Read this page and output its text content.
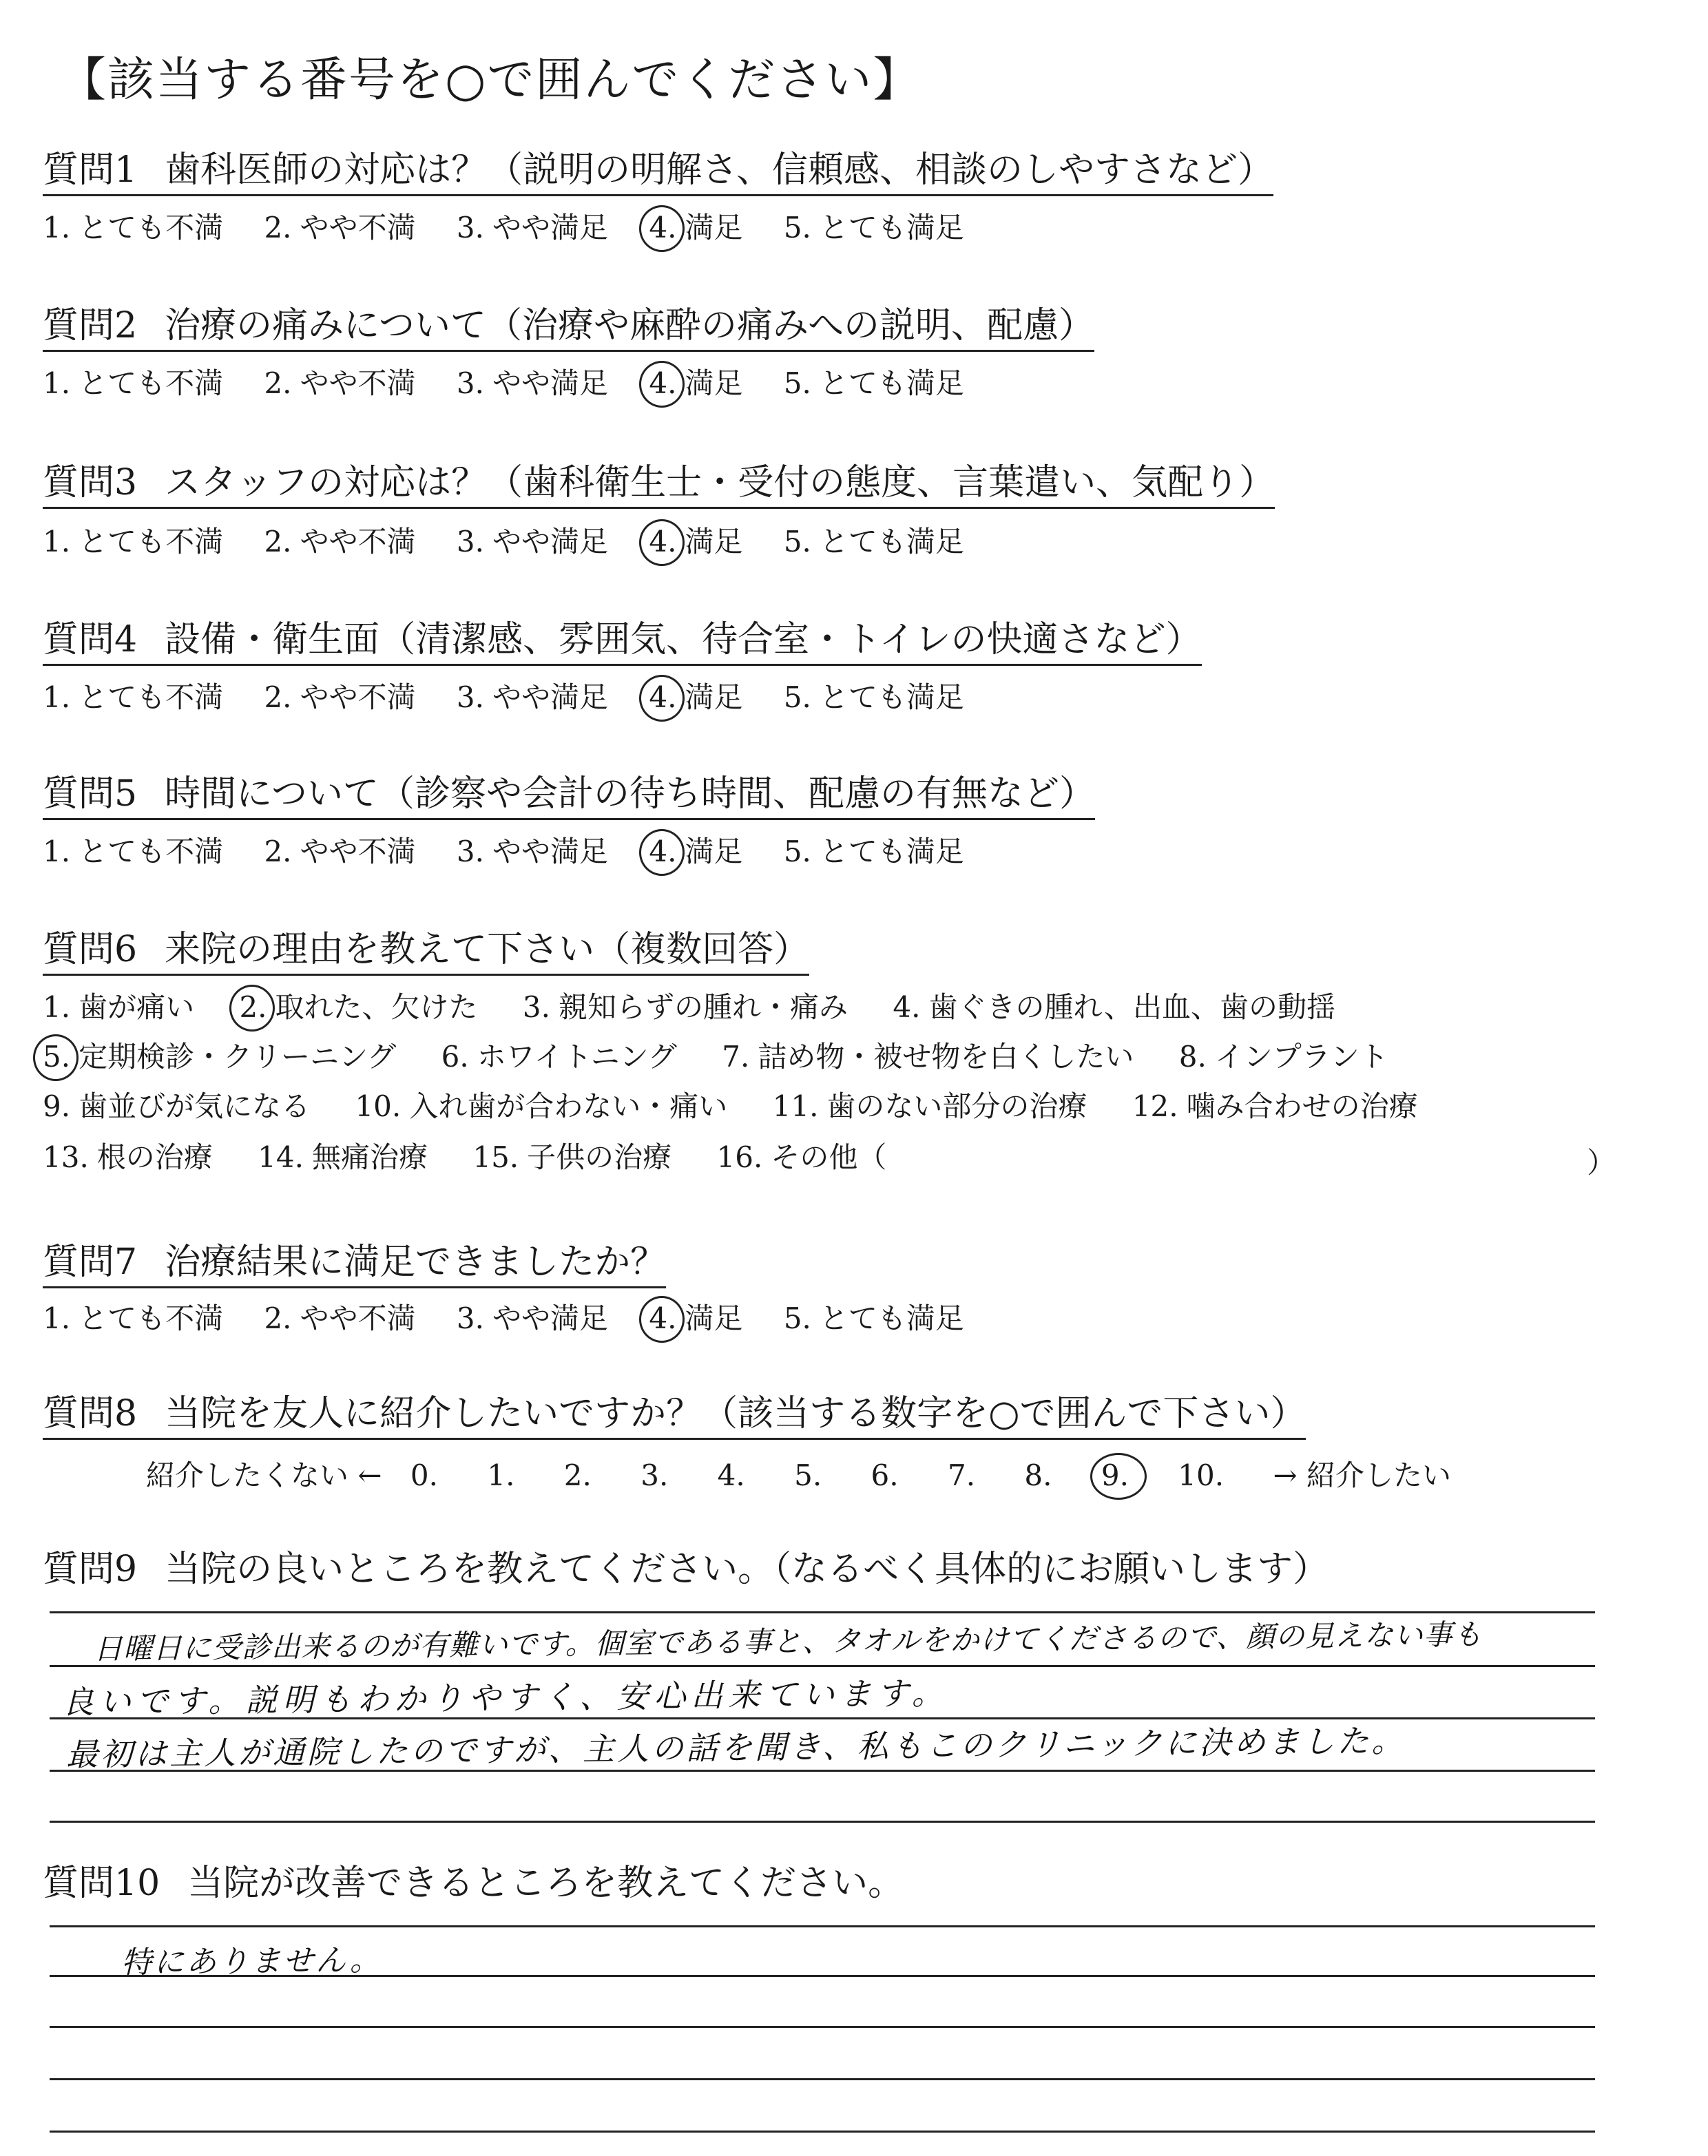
【該当する番号を○で囲んでください】
質問1 歯科医師の対応は？（説明の明解さ、信頼感、相談のしやすさなど）
1. とても不満 2. やや不満 3. やや満足 4. 満足 5. とても満足
質問2 治療の痛みについて（治療や麻酔の痛みへの説明、配慮）
1. とても不満 2. やや不満 3. やや満足 4. 満足 5. とても満足
質問3 スタッフの対応は？（歯科衛生士・受付の態度、言葉遣い、気配り）
1. とても不満 2. やや不満 3. やや満足 4. 満足 5. とても満足
質問4 設備・衛生面（清潔感、雰囲気、待合室・トイレの快適さなど）
1. とても不満 2. やや不満 3. やや満足 4. 満足 5. とても満足
質問5 時間について（診察や会計の待ち時間、配慮の有無など）
1. とても不満 2. やや不満 3. やや満足 4. 満足 5. とても満足
質問6 来院の理由を教えて下さい（複数回答）
1. 歯が痛い 2. 取れた、欠けた 3. 親知らずの腫れ・痛み 4. 歯ぐきの腫れ、出血、歯の動揺
5. 定期検診・クリーニング 6. ホワイトニング 7. 詰め物・被せ物を白くしたい 8. インプラント
9. 歯並びが気になる 10. 入れ歯が合わない・痛い 11. 歯のない部分の治療 12. 噛み合わせの治療
13. 根の治療 14. 無痛治療 15. 子供の治療 16. その他（	）
質問7 治療結果に満足できましたか？
1. とても不満 2. やや不満 3. やや満足 4. 満足 5. とても満足
質問8 当院を友人に紹介したいですか？（該当する数字を○で囲んで下さい）
紹介したくない ← 0. 1. 2. 3. 4. 5. 6. 7. 8. 9. 10. → 紹介したい
質問9 当院の良いところを教えてください。（なるべく具体的にお願いします）
日曜日に受診出来るのが有難いです。個室である事と、タオルをかけてくださるので、顔の見えない事も
良いです。説明もわかりやすく、安心出来ています。
最初は主人が通院したのですが、主人の話を聞き、私もこのクリニックに決めました。
質問10 当院が改善できるところを教えてください。
特にありません。
